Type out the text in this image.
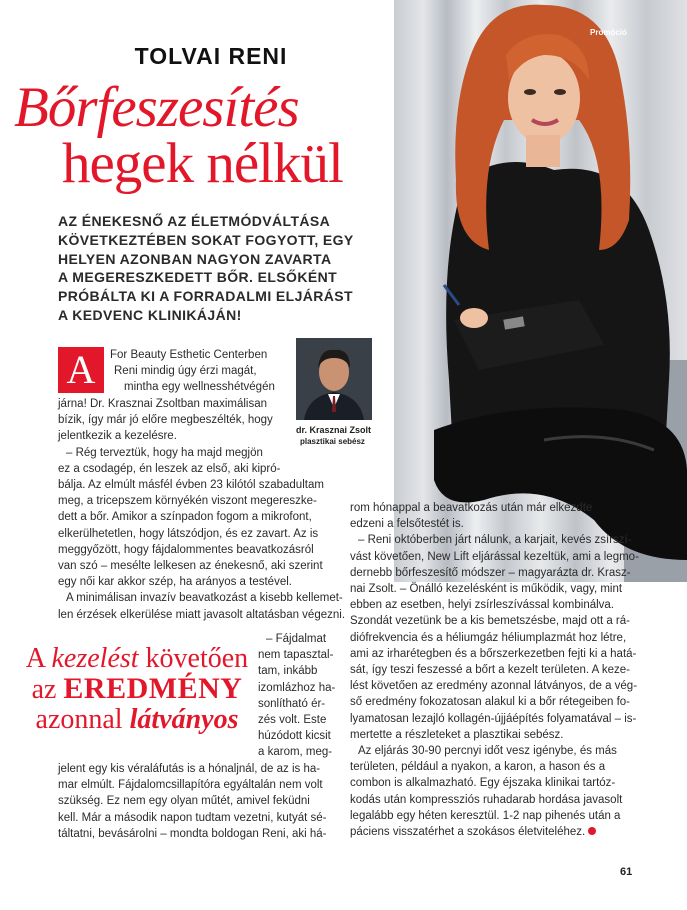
Promóció
TOLVAI RENI
Bőrfeszesítés
hegek nélkül
AZ ÉNEKESNŐ AZ ÉLETMÓDVÁLTÁSA
KÖVETKEZTÉBEN SOKAT FOGYOTT, EGY
HELYEN AZONBAN NAGYON ZAVARTA
A MEGERESZKEDETT BŐR. ELSŐKÉNT
PRÓBÁLTA KI A FORRADALMI ELJÁRÁST
A KEDVENC KLINIKÁJÁN!
dr. Krasznai Zsolt
plasztikai sebész
A	For Beauty Esthetic Centerben
Reni mindig úgy érzi magát,
mintha egy wellnesshétvégén
járna! Dr. Krasznai Zsoltban maximálisan
bízik, így már jó előre megbeszélték, hogy
jelentkezik a kezelésre.
– Rég terveztük, hogy ha majd megjön
ez a csodagép, én leszek az első, aki kipró-
bálja. Az elmúlt másfél évben 23 kilótól szabadultam
meg, a tricepszem környékén viszont megereszke-
dett a bőr. Amikor a színpadon fogom a mikrofont,
elkerülhetetlen, hogy látszódjon, és ez zavart. Az is
meggyőzött, hogy fájdalommentes beavatkozásról
van szó – mesélte lelkesen az énekesnő, aki szerint
egy női kar akkor szép, ha arányos a testével.
A minimálisan invazív beavatkozást a kisebb kellemet-
len érzések elkerülése miatt javasolt altatásban végezni.
A kezelést követően
az EREDMÉNY
azonnal látványos
– Fájdalmat
nem tapasztal-
tam, inkább
izomlázhoz ha-
sonlítható ér-
zés volt. Este
húzódott kicsit
a karom, meg-
jelent egy kis véraláfutás is a hónaljnál, de az is ha-
mar elmúlt. Fájdalomcsillapítóra egyáltalán nem volt
szükség. Ez nem egy olyan műtét, amivel feküdni
kell. Már a második napon tudtam vezetni, kutyát sé-
táltatni, bevásárolni – mondta boldogan Reni, aki há-
rom hónappal a beavatkozás után már elkezdte
edzeni a felsőtestét is.
– Reni októberben járt nálunk, a karjait, kevés zsírszí-
vást követően, New Lift eljárással kezeltük, ami a legmo-
dernebb bőrfeszesítő módszer – magyarázta dr. Krasz-
nai Zsolt. – Önálló kezelésként is működik, vagy, mint
ebben az esetben, helyi zsírleszívással kombinálva.
Szondát vezetünk be a kis bemetszésbe, majd ott a rá-
diófrekvencia és a héliumgáz héliumplazmát hoz létre,
ami az irharétegben és a bőrszerkezetben fejti ki a hatá-
sát, így teszi feszessé a bőrt a kezelt területen. A keze-
lést követően az eredmény azonnal látványos, de a vég-
ső eredmény fokozatosan alakul ki a bőr rétegeiben fo-
lyamatosan lezajló kollagén-újjáépítés folyamatával – is-
mertette a részleteket a plasztikai sebész.
Az eljárás 30-90 percnyi időt vesz igénybe, és más
területen, például a nyakon, a karon, a hason és a
combon is alkalmazható. Egy éjszaka klinikai tartóz-
kodás után kompressziós ruhadarab hordása javasolt
legalább egy héten keresztül. 1-2 nap pihenés után a
páciens visszatérhet a szokásos életviteléhez.
61
